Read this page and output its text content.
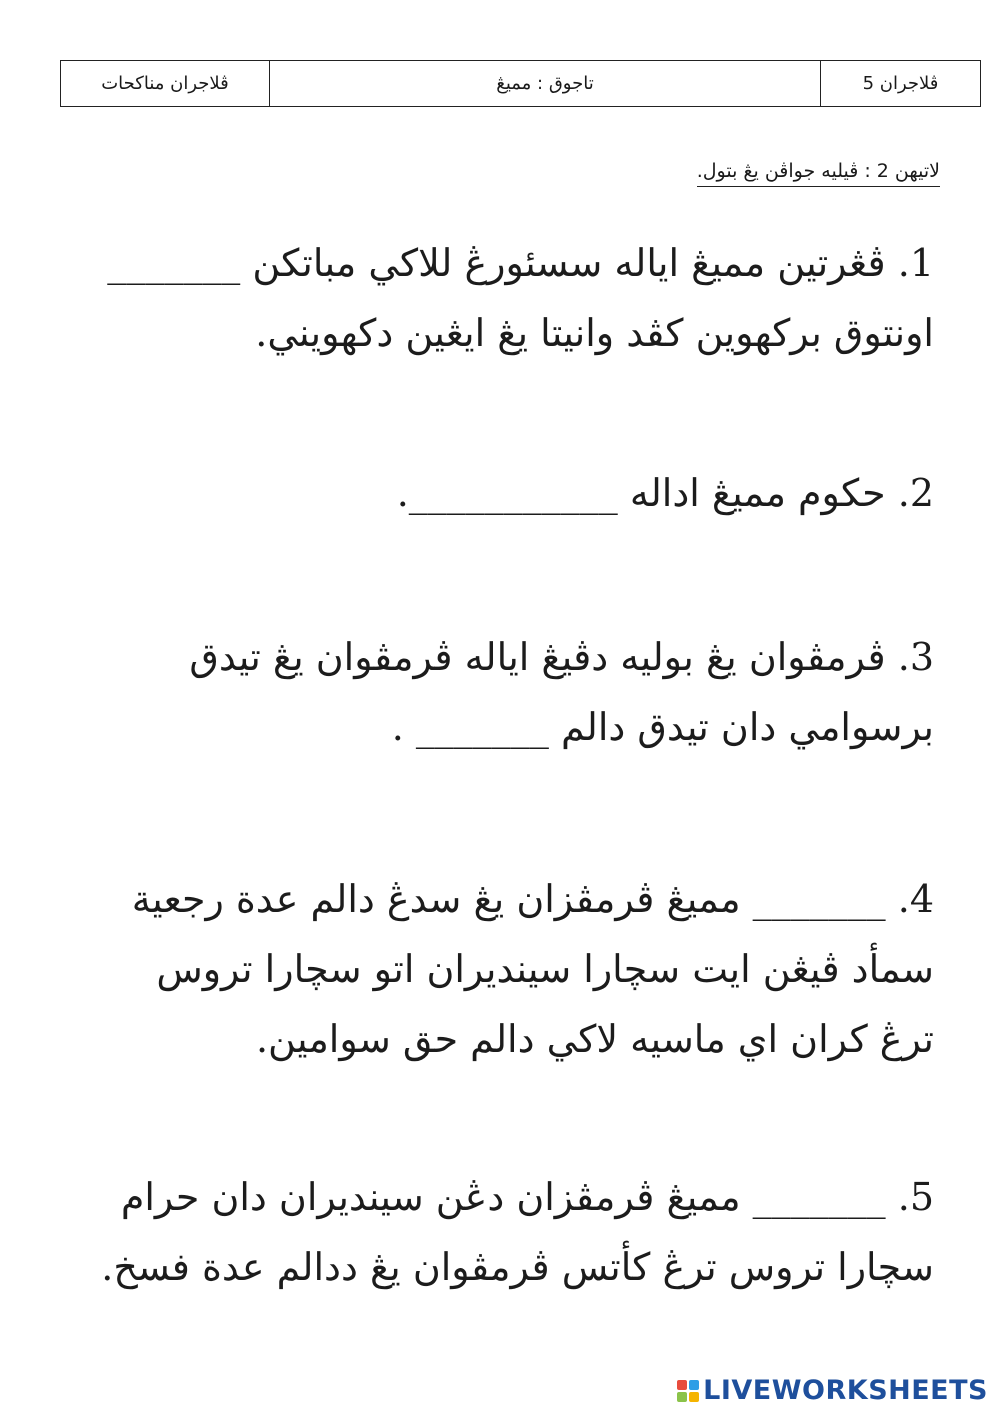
ڤلاجران مناكحات	تاجوق : مميڠ	ڤلاجران 5
لاتيهن 2 : ڤيليه جواڤن يڠ بتول.
1. ڤڠرتين مميڠ اياله سسئورڠ للاكي مباتكن _______ اونتوق بركهوين كڤد وانيتا يڠ ايڠين دكهويني.
2. حكوم مميڠ اداله ___________.
3. ڤرمڤوان يڠ بوليه دڤيڠ اياله ڤرمڤوان يڠ تيدق برسوامي دان تيدق دالم _______ .
4. _______ مميڠ ڤرمڤزان يڠ سدڠ دالم عدة رجعية سمأد ڤيڠن ايت سچارا سينديران اتو سچارا تروس ترڠ كران اي ماسيه لاكي دالم حق سوامين.
5. _______ مميڠ ڤرمڤزان دڠن سينديران دان حرام سچارا تروس ترڠ كأتس ڤرمڤوان يڠ ددالم عدة فسخ.
LIVEWORKSHEETS
